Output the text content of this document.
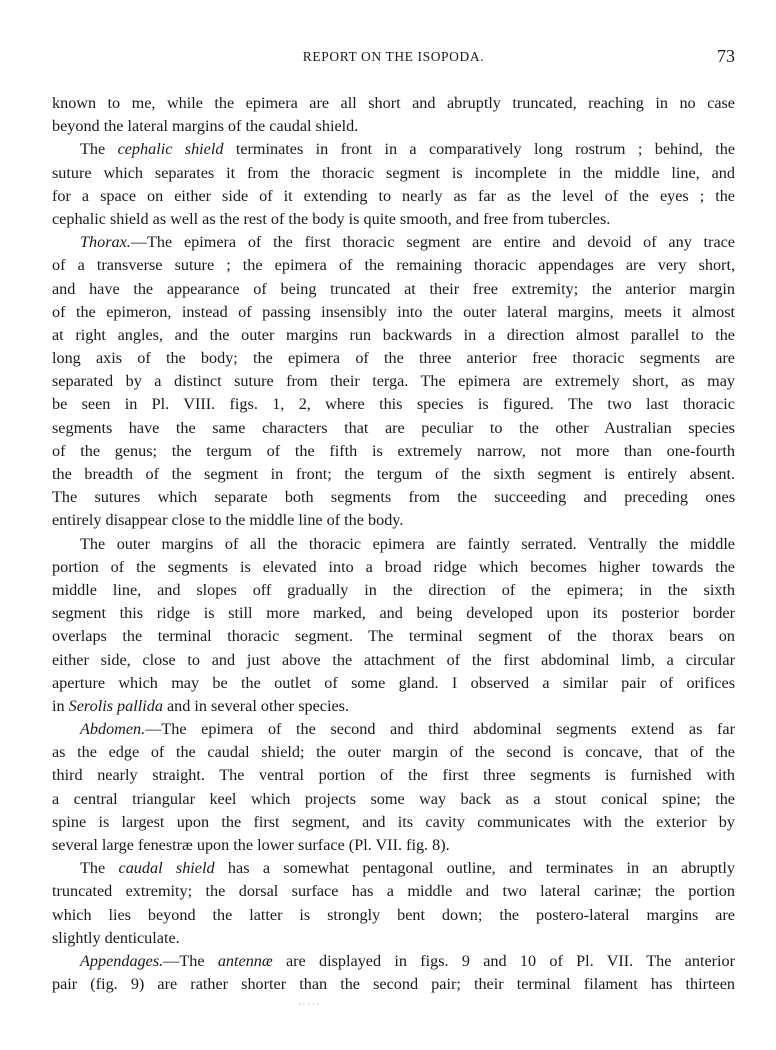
REPORT ON THE ISOPODA.	73
known to me, while the epimera are all short and abruptly truncated, reaching in no case
beyond the lateral margins of the caudal shield.
The cephalic shield terminates in front in a comparatively long rostrum ; behind, the
suture which separates it from the thoracic segment is incomplete in the middle line, and
for a space on either side of it extending to nearly as far as the level of the eyes ; the
cephalic shield as well as the rest of the body is quite smooth, and free from tubercles.
Thorax.—The epimera of the first thoracic segment are entire and devoid of any trace
of a transverse suture ; the epimera of the remaining thoracic appendages are very short,
and have the appearance of being truncated at their free extremity; the anterior margin
of the epimeron, instead of passing insensibly into the outer lateral margins, meets it almost
at right angles, and the outer margins run backwards in a direction almost parallel to the
long axis of the body; the epimera of the three anterior free thoracic segments are
separated by a distinct suture from their terga. The epimera are extremely short, as may
be seen in Pl. VIII. figs. 1, 2, where this species is figured. The two last thoracic
segments have the same characters that are peculiar to the other Australian species
of the genus; the tergum of the fifth is extremely narrow, not more than one-fourth
the breadth of the segment in front; the tergum of the sixth segment is entirely absent.
The sutures which separate both segments from the succeeding and preceding ones
entirely disappear close to the middle line of the body.
The outer margins of all the thoracic epimera are faintly serrated. Ventrally the middle
portion of the segments is elevated into a broad ridge which becomes higher towards the
middle line, and slopes off gradually in the direction of the epimera; in the sixth
segment this ridge is still more marked, and being developed upon its posterior border
overlaps the terminal thoracic segment. The terminal segment of the thorax bears on
either side, close to and just above the attachment of the first abdominal limb, a circular
aperture which may be the outlet of some gland. I observed a similar pair of orifices
in Serolis pallida and in several other species.
Abdomen.—The epimera of the second and third abdominal segments extend as far
as the edge of the caudal shield; the outer margin of the second is concave, that of the
third nearly straight. The ventral portion of the first three segments is furnished with
a central triangular keel which projects some way back as a stout conical spine; the
spine is largest upon the first segment, and its cavity communicates with the exterior by
several large fenestræ upon the lower surface (Pl. VII. fig. 8).
The caudal shield has a somewhat pentagonal outline, and terminates in an abruptly
truncated extremity; the dorsal surface has a middle and two lateral carinæ; the portion
which lies beyond the latter is strongly bent down; the postero-lateral margins are
slightly denticulate.
Appendages.—The antennæ are displayed in figs. 9 and 10 of Pl. VII. The anterior
pair (fig. 9) are rather shorter than the second pair; their terminal filament has thirteen
·····
